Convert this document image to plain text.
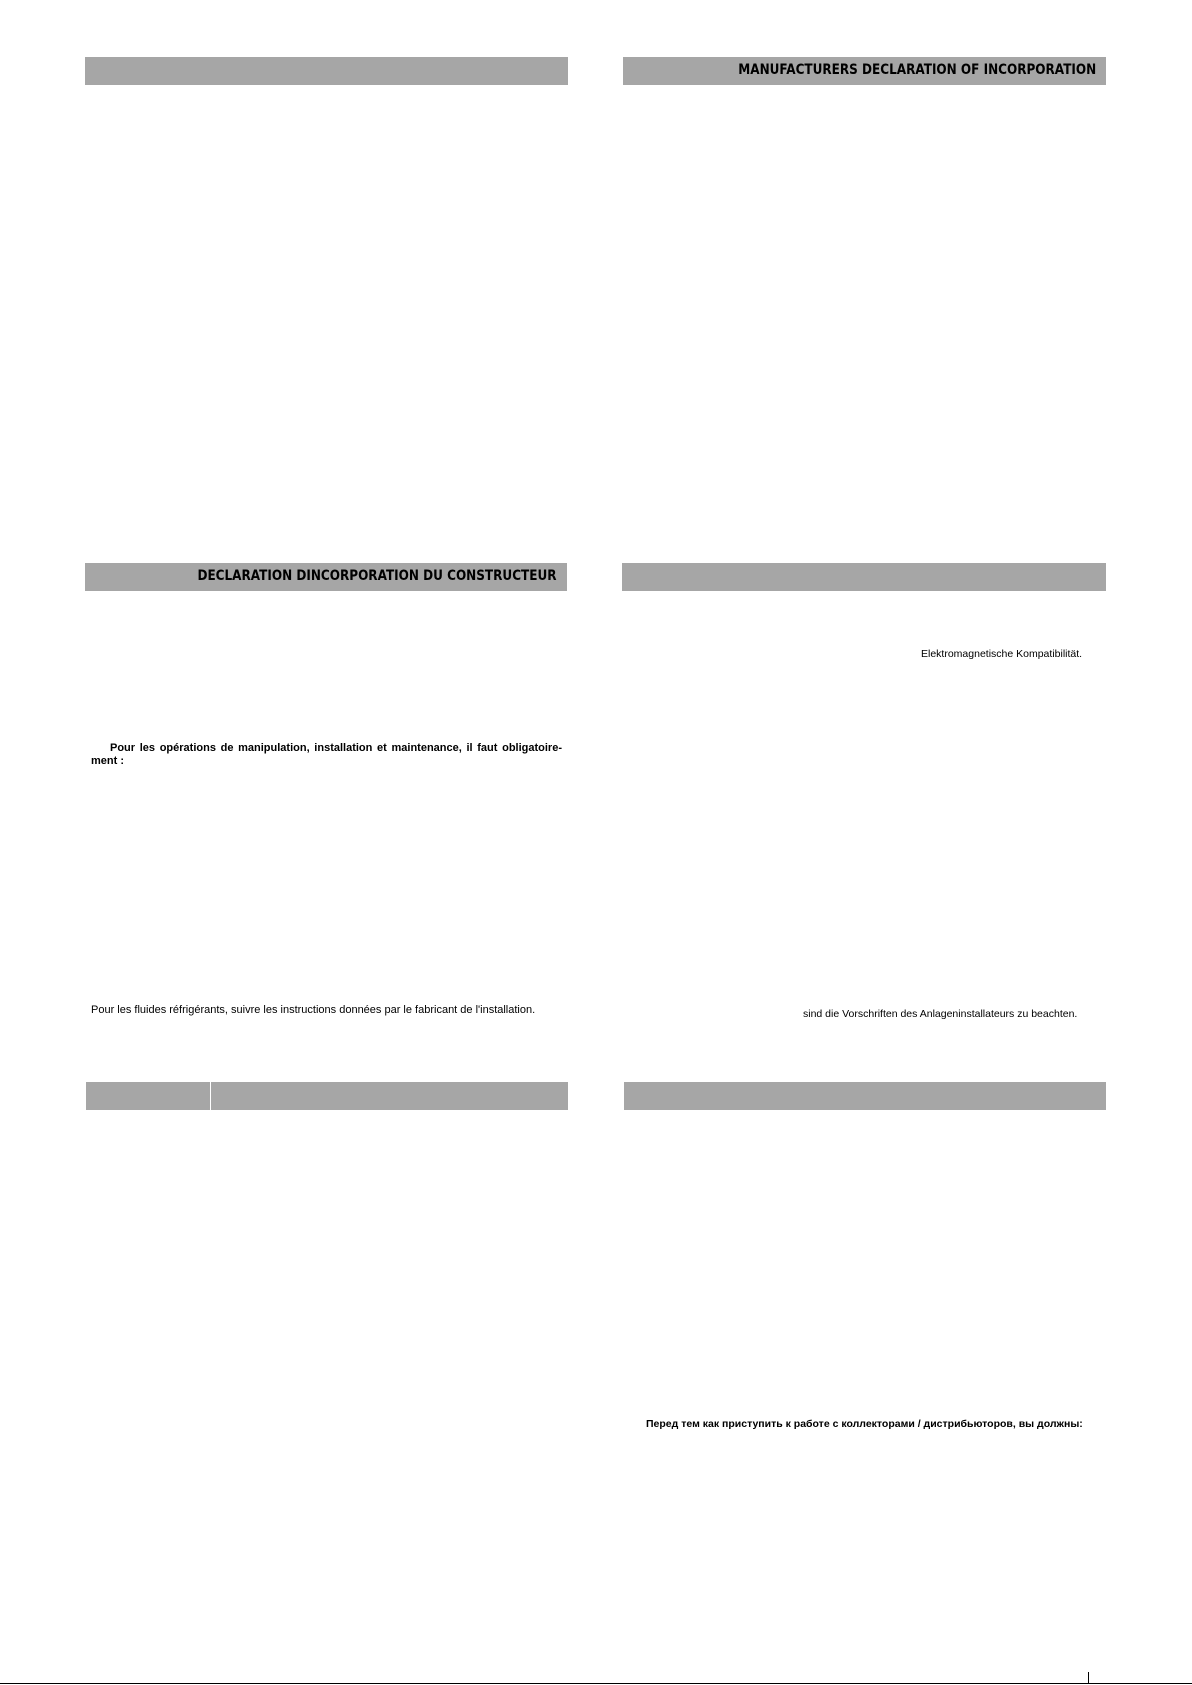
MANUFACTURERS DECLARATION OF INCORPORATION
DECLARATION DINCORPORATION DU CONSTRUCTEUR
Pour les opérations de manipulation, installation et maintenance, il faut obligatoire-ment :
Pour les fluides réfrigérants, suivre les instructions données par le fabricant de l'installation.
Elektromagnetische Kompatibilität.
sind die Vorschriften des Anlageninstallateurs zu beachten.
Перед тем как приступить к работе с коллекторами / дистрибьюторов, вы должны:
